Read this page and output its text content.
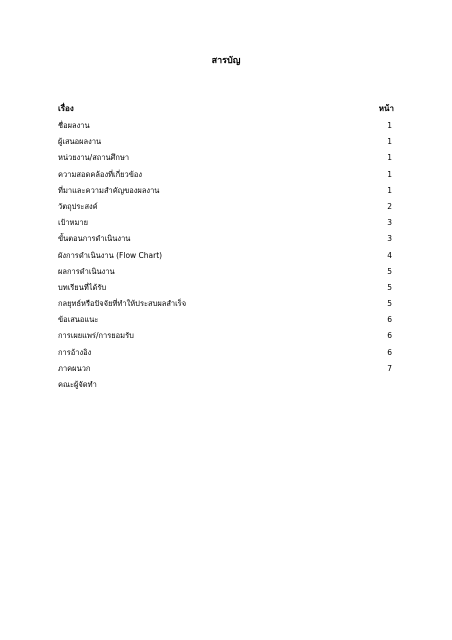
สารบัญ
เรื่อง	หน้า
ชื่อผลงาน	1
ผู้เสนอผลงาน	1
หน่วยงาน/สถานศึกษา	1
ความสอดคล้องที่เกี่ยวข้อง	1
ที่มาและความสำคัญของผลงาน	1
วัตถุประสงค์	2
เป้าหมาย	3
ขั้นตอนการดำเนินงาน	3
ผังการดำเนินงาน (Flow Chart)	4
ผลการดำเนินงาน	5
บทเรียนที่ได้รับ	5
กลยุทธ์หรือปัจจัยที่ทำให้ประสบผลสำเร็จ	5
ข้อเสนอแนะ	6
การเผยแพร่/การยอมรับ	6
การอ้างอิง	6
ภาคผนวก	7
คณะผู้จัดทำ
